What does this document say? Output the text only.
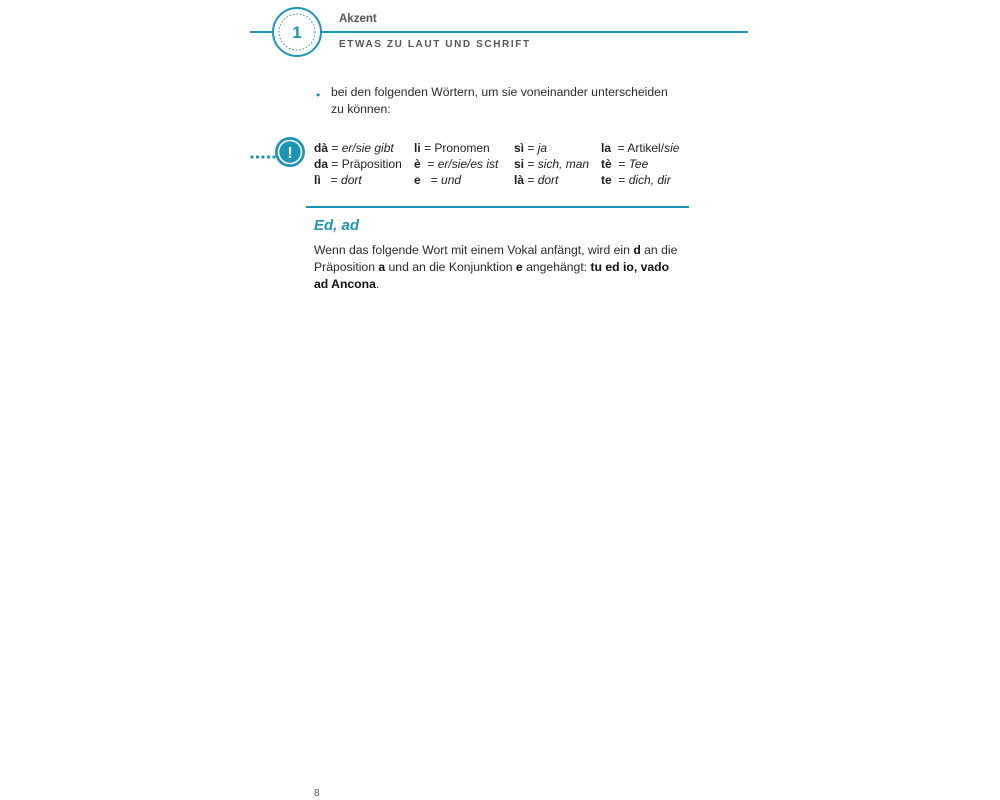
1
Akzent
ETWAS ZU LAUT UND SCHRIFT
• bei den folgenden Wörtern, um sie voneinander unterscheiden zu können:
! dà = er/sie gibt	li = Pronomen	sì = ja	la  = Artikel/sie
da = Präposition	è  = er/sie/es ist	si = sich, man	tè  = Tee
lì   = dort	e   = und	là = dort	te  = dich, dir
Ed, ad
Wenn das folgende Wort mit einem Vokal anfängt, wird ein d an die Präposition a und an die Konjunktion e angehängt: tu ed io, vado ad Ancona.
8
